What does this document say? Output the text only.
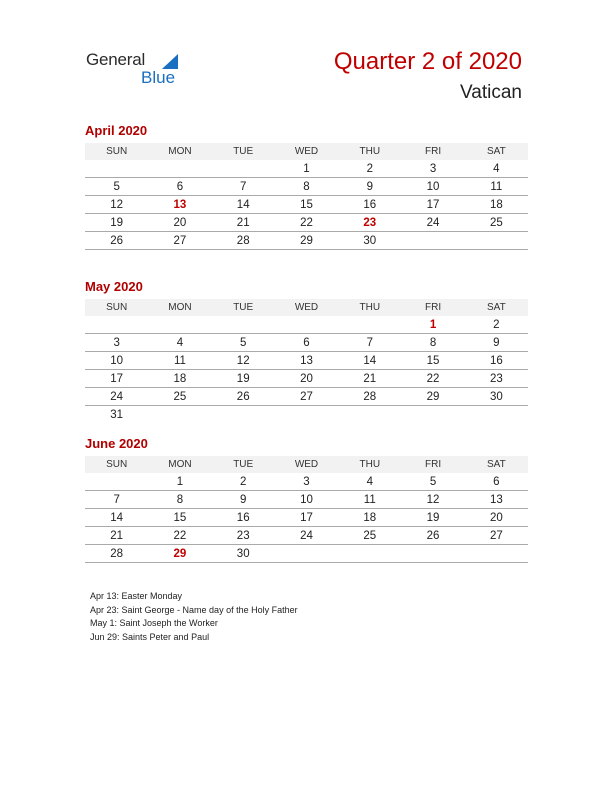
General
Blue
Quarter 2 of 2020
Vatican
April 2020
SUN	MON	TUE	WED	THU	FRI	SAT
			1	2	3	4
5	6	7	8	9	10	11
12	13	14	15	16	17	18
19	20	21	22	23	24	25
26	27	28	29	30		
May 2020
SUN	MON	TUE	WED	THU	FRI	SAT
					1	2
3	4	5	6	7	8	9
10	11	12	13	14	15	16
17	18	19	20	21	22	23
24	25	26	27	28	29	30
31						
June 2020
SUN	MON	TUE	WED	THU	FRI	SAT
	1	2	3	4	5	6
7	8	9	10	11	12	13
14	15	16	17	18	19	20
21	22	23	24	25	26	27
28	29	30				
Apr 13: Easter Monday
Apr 23: Saint George - Name day of the Holy Father
May 1: Saint Joseph the Worker
Jun 29: Saints Peter and Paul
